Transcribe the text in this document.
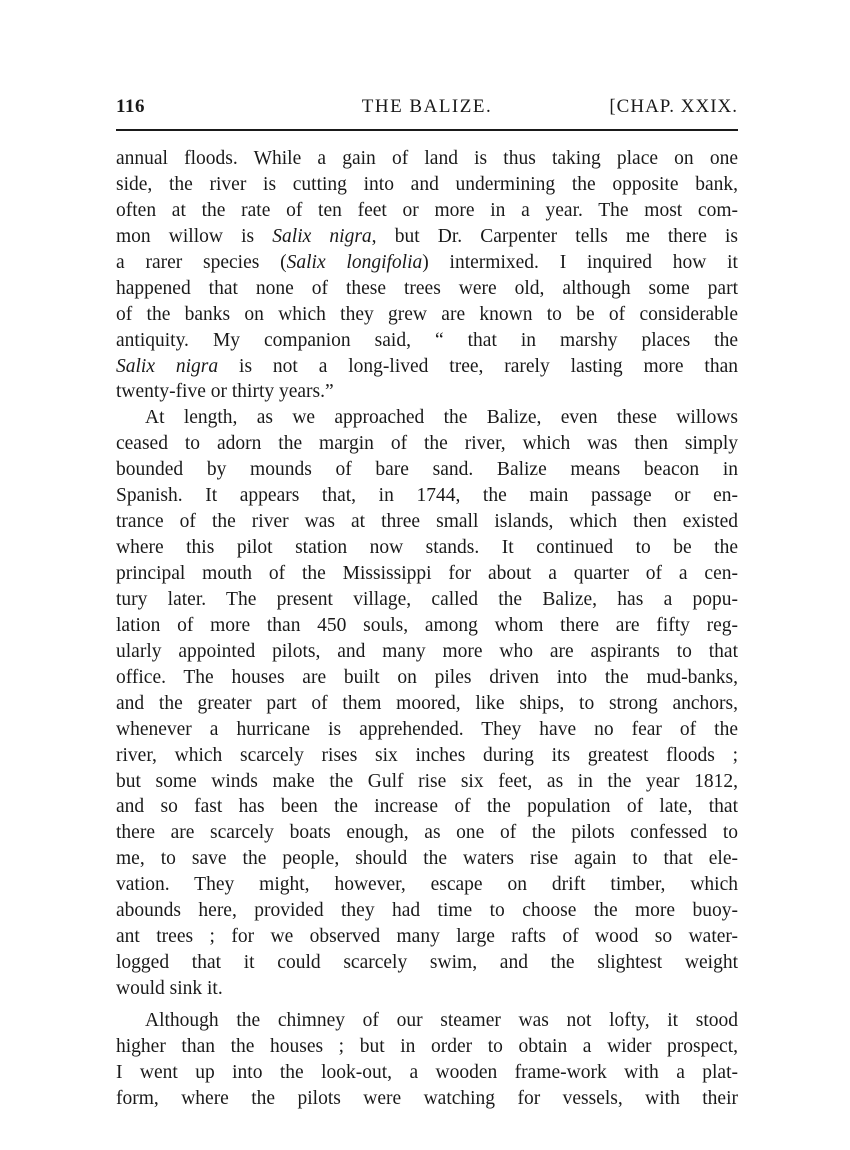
116	THE BALIZE.	[CHAP. XXIX.
annual floods. While a gain of land is thus taking place on one
side, the river is cutting into and undermining the opposite bank,
often at the rate of ten feet or more in a year. The most com-
mon willow is Salix nigra, but Dr. Carpenter tells me there is
a rarer species (Salix longifolia) intermixed. I inquired how it
happened that none of these trees were old, although some part
of the banks on which they grew are known to be of considerable
antiquity. My companion said, “ that in marshy places the
Salix nigra is not a long-lived tree, rarely lasting more than
twenty-five or thirty years.”
At length, as we approached the Balize, even these willows
ceased to adorn the margin of the river, which was then simply
bounded by mounds of bare sand. Balize means beacon in
Spanish. It appears that, in 1744, the main passage or en-
trance of the river was at three small islands, which then existed
where this pilot station now stands. It continued to be the
principal mouth of the Mississippi for about a quarter of a cen-
tury later. The present village, called the Balize, has a popu-
lation of more than 450 souls, among whom there are fifty reg-
ularly appointed pilots, and many more who are aspirants to that
office. The houses are built on piles driven into the mud-banks,
and the greater part of them moored, like ships, to strong anchors,
whenever a hurricane is apprehended. They have no fear of the
river, which scarcely rises six inches during its greatest floods ;
but some winds make the Gulf rise six feet, as in the year 1812,
and so fast has been the increase of the population of late, that
there are scarcely boats enough, as one of the pilots confessed to
me, to save the people, should the waters rise again to that ele-
vation. They might, however, escape on drift timber, which
abounds here, provided they had time to choose the more buoy-
ant trees ; for we observed many large rafts of wood so water-
logged that it could scarcely swim, and the slightest weight
would sink it.
Although the chimney of our steamer was not lofty, it stood
higher than the houses ; but in order to obtain a wider prospect,
I went up into the look-out, a wooden frame-work with a plat-
form, where the pilots were watching for vessels, with their
